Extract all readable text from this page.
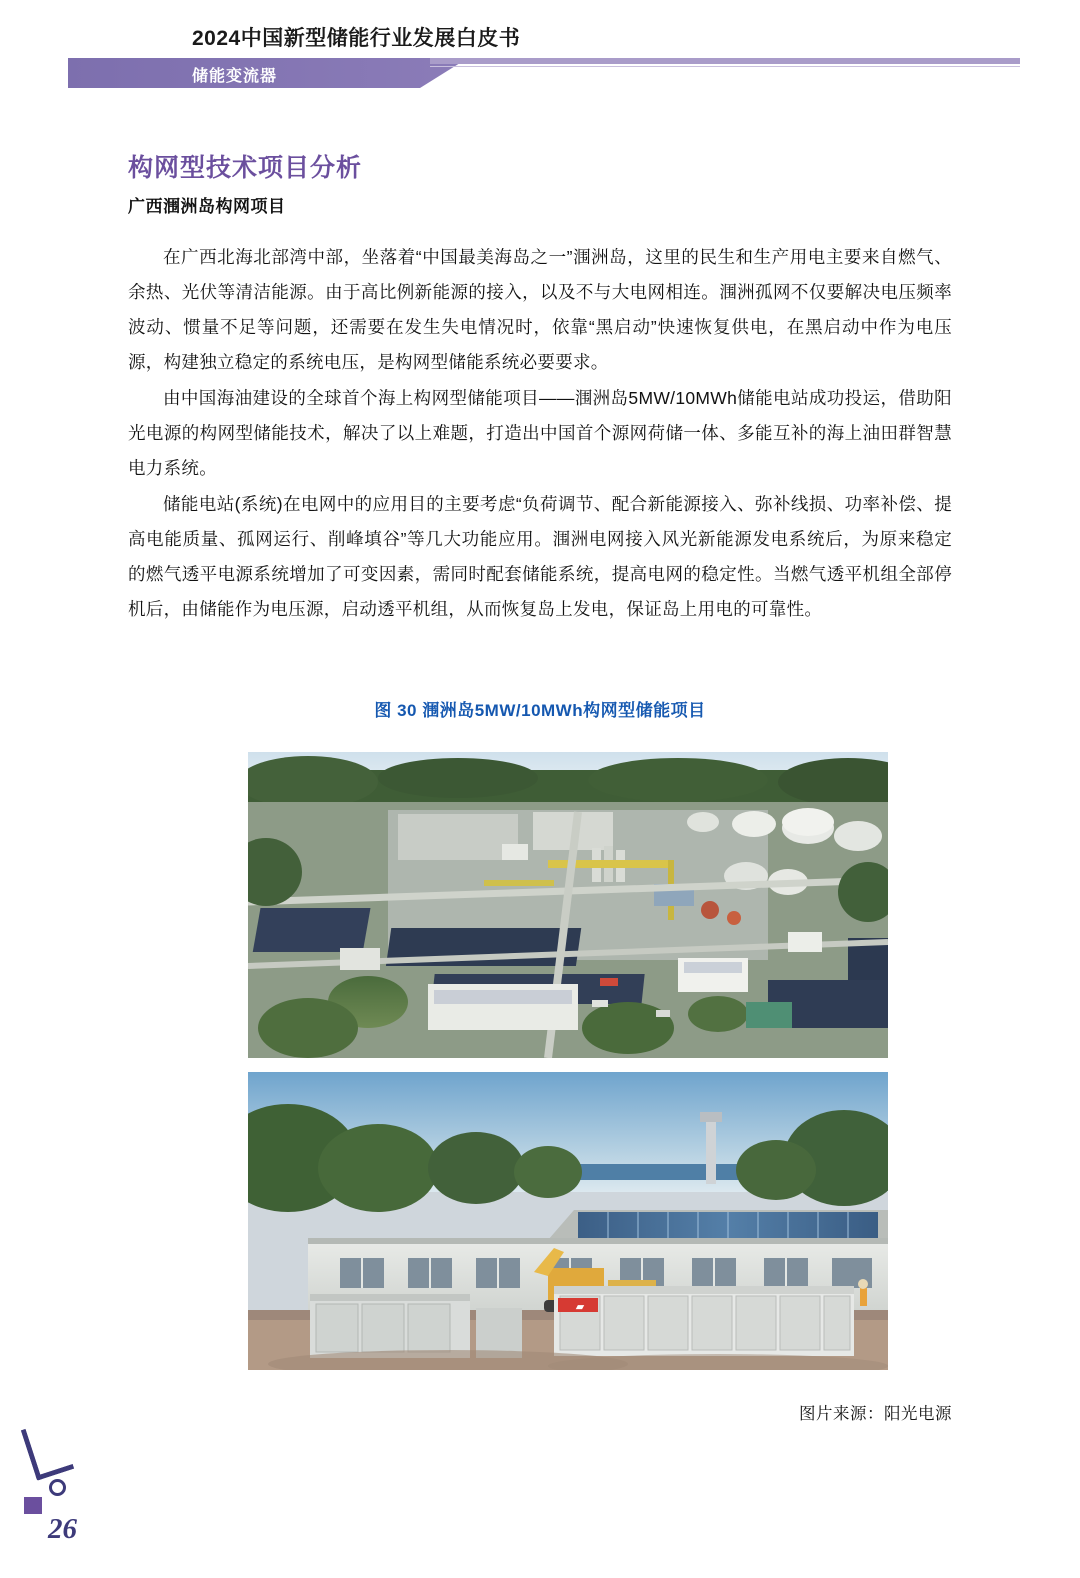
2024中国新型储能行业发展白皮书
储能变流器
构网型技术项目分析
广西涠洲岛构网项目

在广西北海北部湾中部，坐落着“中国最美海岛之一”涠洲岛，这里的民生和生产用电主要来自燃气、余热、光伏等清洁能源。由于高比例新能源的接入，以及不与大电网相连。涠洲孤网不仅要解决电压频率波动、惯量不足等问题，还需要在发生失电情况时，依靠“黑启动”快速恢复供电，在黑启动中作为电压源，构建独立稳定的系统电压，是构网型储能系统必要要求。

由中国海油建设的全球首个海上构网型储能项目——涠洲岛5MW/10MWh储能电站成功投运，借助阳光电源的构网型储能技术，解决了以上难题，打造出中国首个源网荷储一体、多能互补的海上油田群智慧电力系统。

储能电站(系统)在电网中的应用目的主要考虑“负荷调节、配合新能源接入、弥补线损、功率补偿、提高电能质量、孤网运行、削峰填谷”等几大功能应用。涠洲电网接入风光新能源发电系统后，为原来稳定的燃气透平电源系统增加了可变因素，需同时配套储能系统，提高电网的稳定性。当燃气透平机组全部停机后，由储能作为电压源，启动透平机组，从而恢复岛上发电，保证岛上用电的可靠性。

图 30 涠洲岛5MW/10MWh构网型储能项目
▰
图片来源：阳光电源
26
